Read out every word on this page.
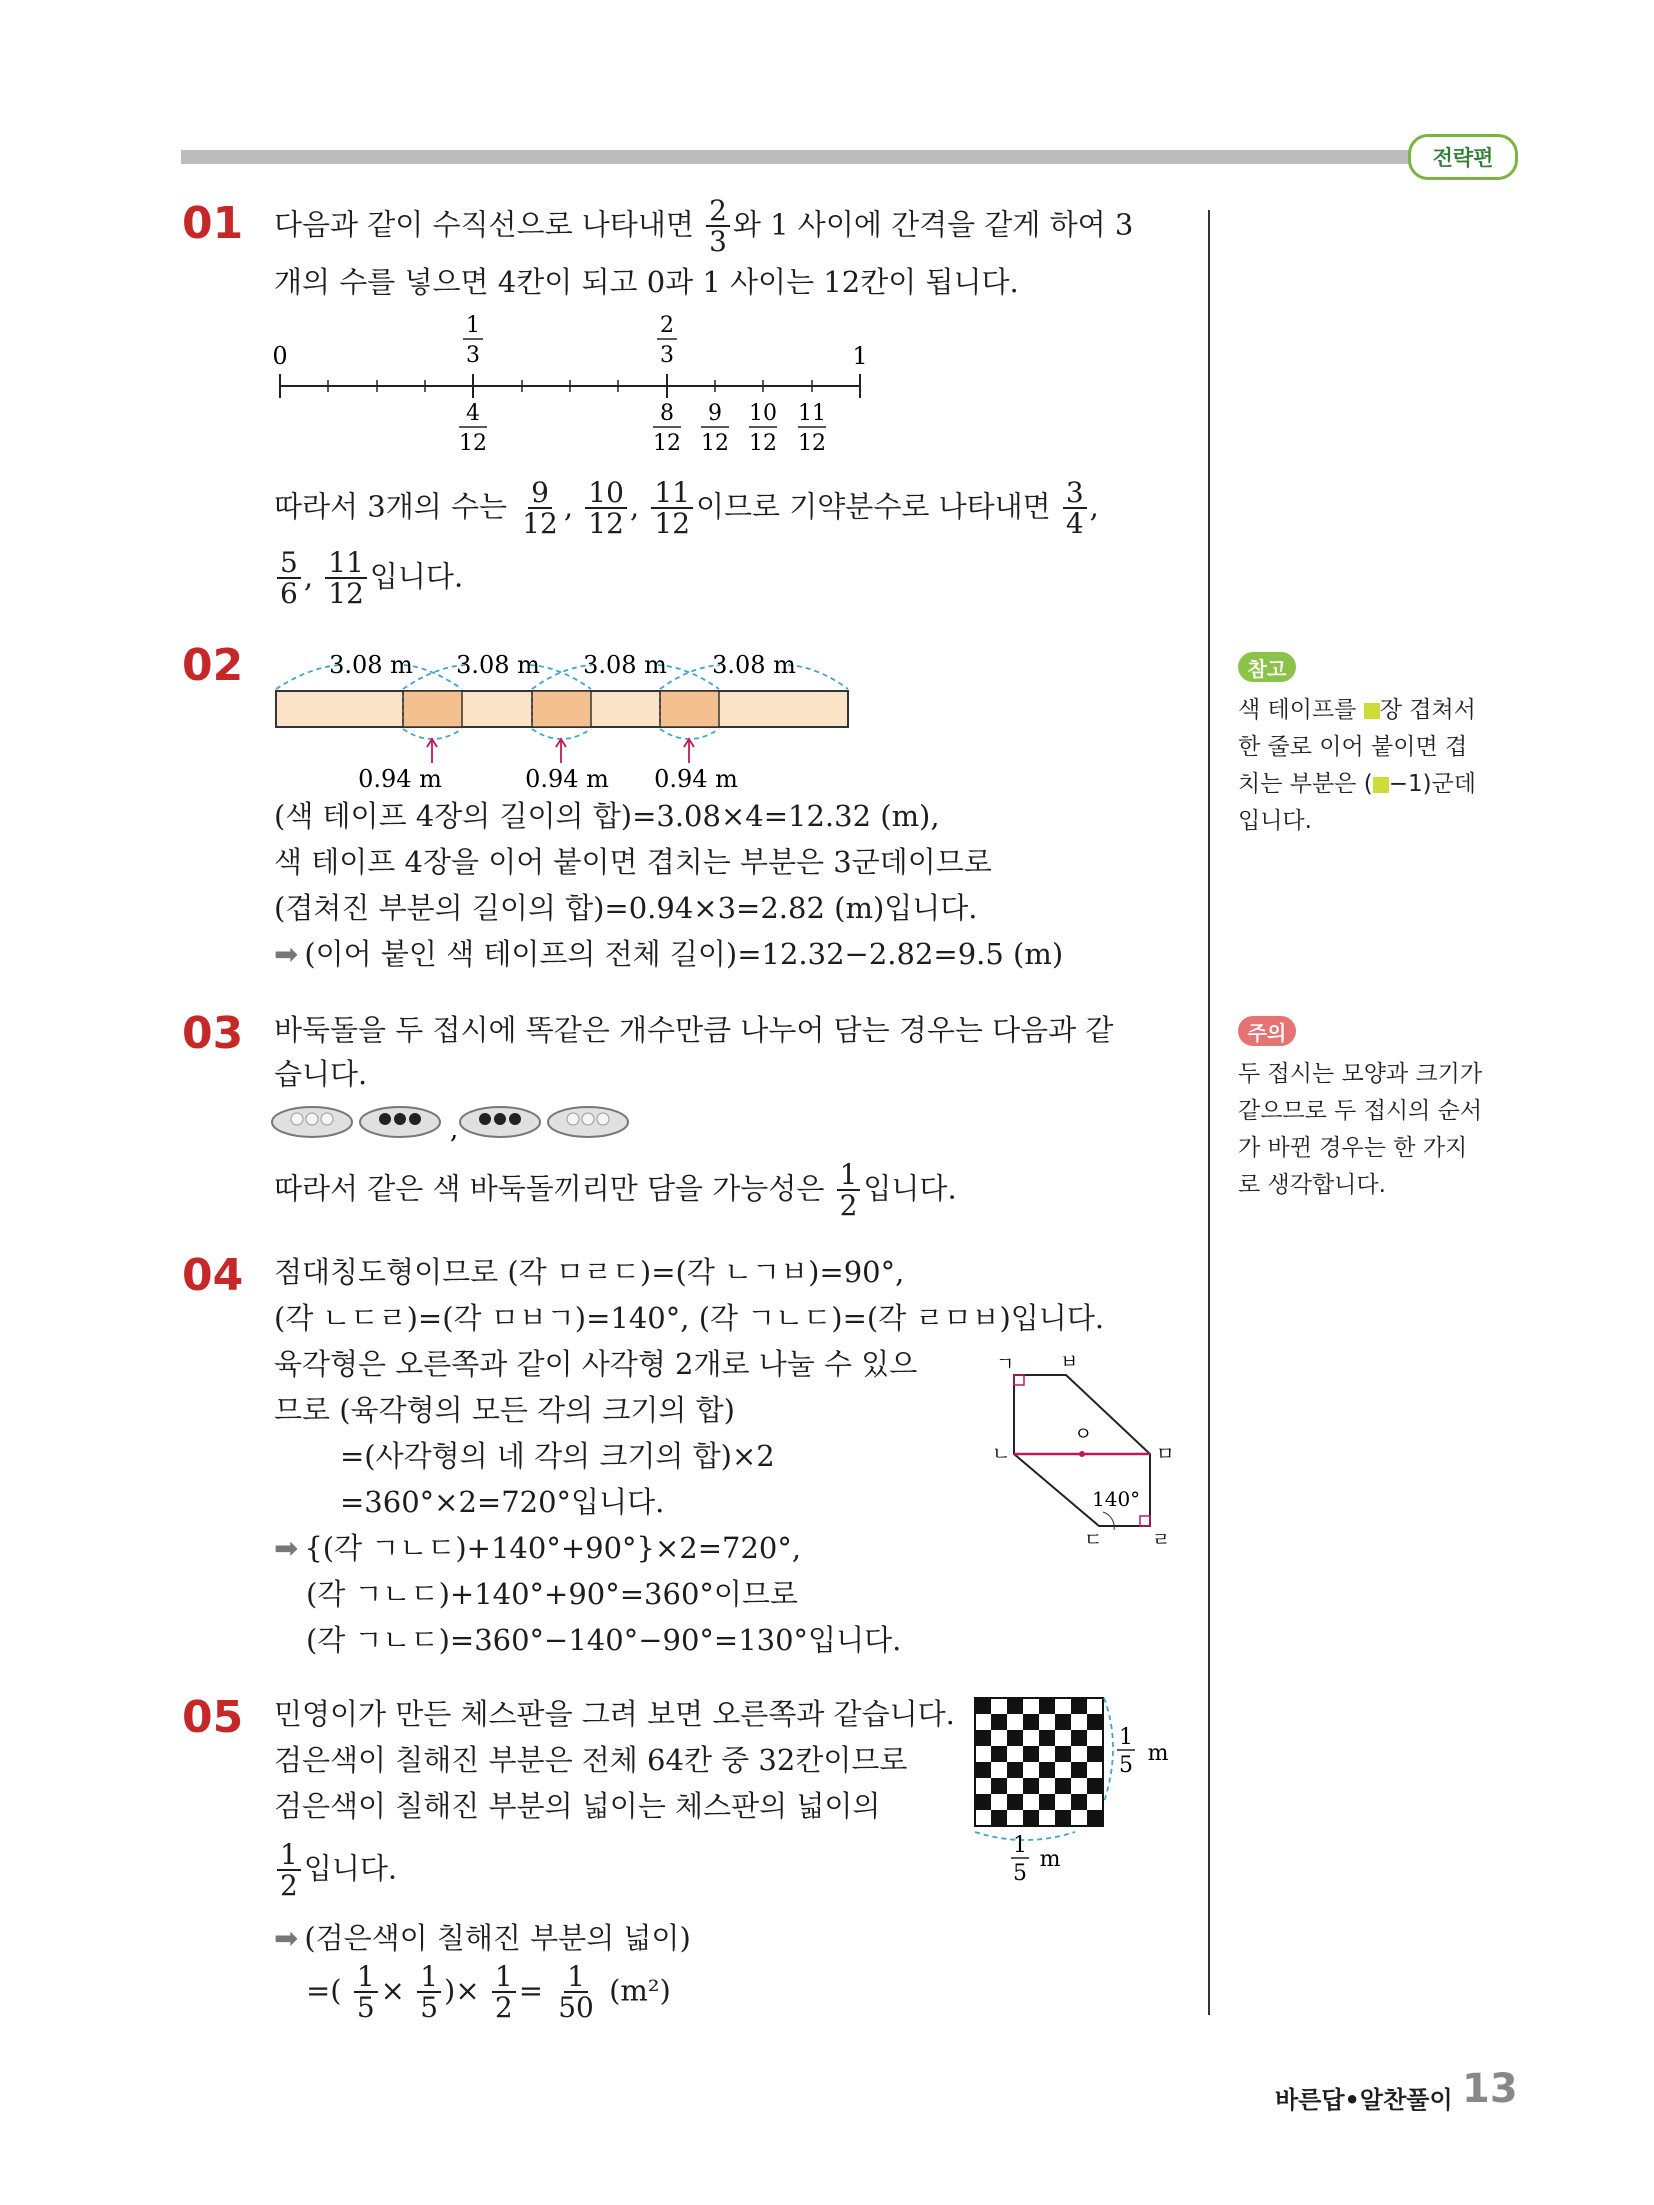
전략편
01 다음과 같이 수직선으로 나타내면 $\frac{2}{3}$ 와 1 사이에 간격을 같게 하여 3
개의 수를 넣으면 4칸이 되고 0과 1 사이는 12칸이 됩니다.
0	1
1
3
2
3
4
12
8
12
9
12
10
12
11
12
따라서 3개의 수는 $\frac{9}{12}$ , $\frac{10}{12}$ , $\frac{11}{12}$ 이므로 기약분수로 나타내면 $\frac{3}{4}$ ,
$\frac{5}{6}$ , $\frac{11}{12}$ 입니다.
02	3.08 m 3.08 m 3.08 m 3.08 m
0.94 m	0.94 m 0.94 m
(색 테이프 4장의 길이의 합)=3.08×4=12.32 (m),
색 테이프 4장을 이어 붙이면 겹치는 부분은 3군데이므로
(겹쳐진 부분의 길이의 합)=0.94×3=2.82 (m)입니다.
➡ (이어 붙인 색 테이프의 전체 길이)=12.32−2.82=9.5 (m)
03 바둑돌을 두 접시에 똑같은 개수만큼 나누어 담는 경우는 다음과 같
습니다.
,
따라서 같은 색 바둑돌끼리만 담을 가능성은 $\frac{1}{2}$ 입니다.
04 점대칭도형이므로 (각 ㅁㄹㄷ)=(각 ㄴㄱㅂ)=90°,
(각 ㄴㄷㄹ)=(각 ㅁㅂㄱ)=140°, (각 ㄱㄴㄷ)=(각 ㄹㅁㅂ)입니다.
육각형은 오른쪽과 같이 사각형 2개로 나눌 수 있으
므로 (육각형의 모든 각의 크기의 합)
=(사각형의 네 각의 크기의 합)×2
=360°×2=720°입니다.
➡ {(각 ㄱㄴㄷ)+140°+90°}×2=720°,
(각 ㄱㄴㄷ)+140°+90°=360°이므로
(각 ㄱㄴㄷ)=360°−140°−90°=130°입니다.
ㄱ ㅂ
ㄴ	ㅁ
ㄷ	ㄹ
ㅇ
140°
05 민영이가 만든 체스판을 그려 보면 오른쪽과 같습니다.
검은색이 칠해진 부분은 전체 64칸 중 32칸이므로
검은색이 칠해진 부분의 넓이는 체스판의 넓이의
$\frac{1}{2}$ 입니다.
➡ (검은색이 칠해진 부분의 넓이)
=( $\frac{1}{5} \times \frac{1}{5}$ )× $\frac{1}{2} = \frac{1}{50} (m^2)$
1
5 m
1
5
m
참고
색 테이프를 장 겹쳐서
한 줄로 이어 붙이면 겹
치는 부분은 ( −1)군데
입니다.
주의
두 접시는 모양과 크기가
같으므로 두 접시의 순서
가 바뀐 경우는 한 가지
로 생각합니다.
바른답•알찬풀이 13
